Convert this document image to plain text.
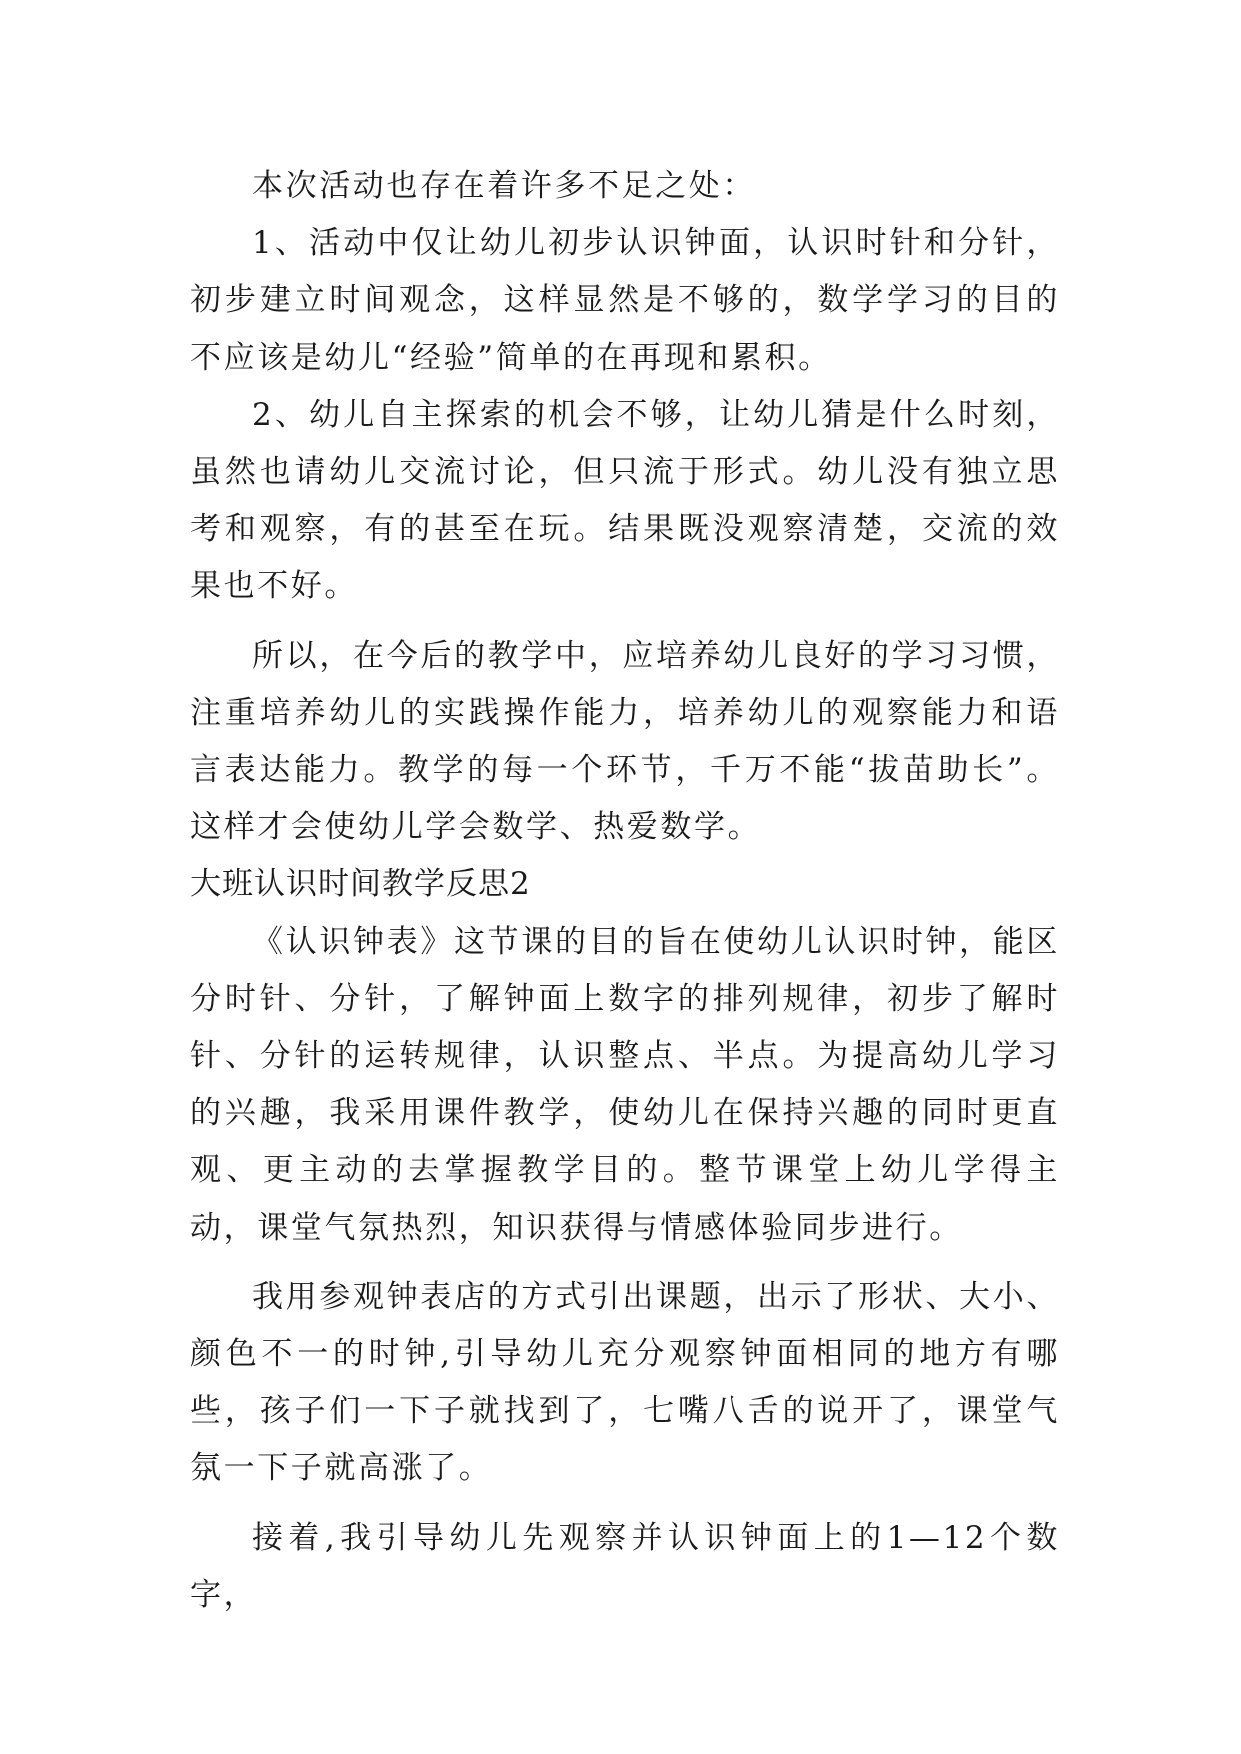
本次活动也存在着许多不足之处：

1、活动中仅让幼儿初步认识钟面，认识时针和分针，初步建立时间观念，这样显然是不够的，数学学习的目的不应该是幼儿“经验”简单的在再现和累积。

2、幼儿自主探索的机会不够，让幼儿猜是什么时刻，虽然也请幼儿交流讨论，但只流于形式。幼儿没有独立思考和观察，有的甚至在玩。结果既没观察清楚，交流的效果也不好。

所以，在今后的教学中，应培养幼儿良好的学习习惯，注重培养幼儿的实践操作能力，培养幼儿的观察能力和语言表达能力。教学的每一个环节，千万不能“拔苗助长”。这样才会使幼儿学会数学、热爱数学。

大班认识时间教学反思2

《认识钟表》这节课的目的旨在使幼儿认识时钟，能区分时针、分针，了解钟面上数字的排列规律，初步了解时针、分针的运转规律，认识整点、半点。为提高幼儿学习的兴趣，我采用课件教学，使幼儿在保持兴趣的同时更直观、更主动的去掌握教学目的。整节课堂上幼儿学得主动，课堂气氛热烈，知识获得与情感体验同步进行。

我用参观钟表店的方式引出课题，出示了形状、大小、颜色不一的时钟,引导幼儿充分观察钟面相同的地方有哪些，孩子们一下子就找到了，七嘴八舌的说开了，课堂气氛一下子就高涨了。

接着,我引导幼儿先观察并认识钟面上的1—12个数字，
